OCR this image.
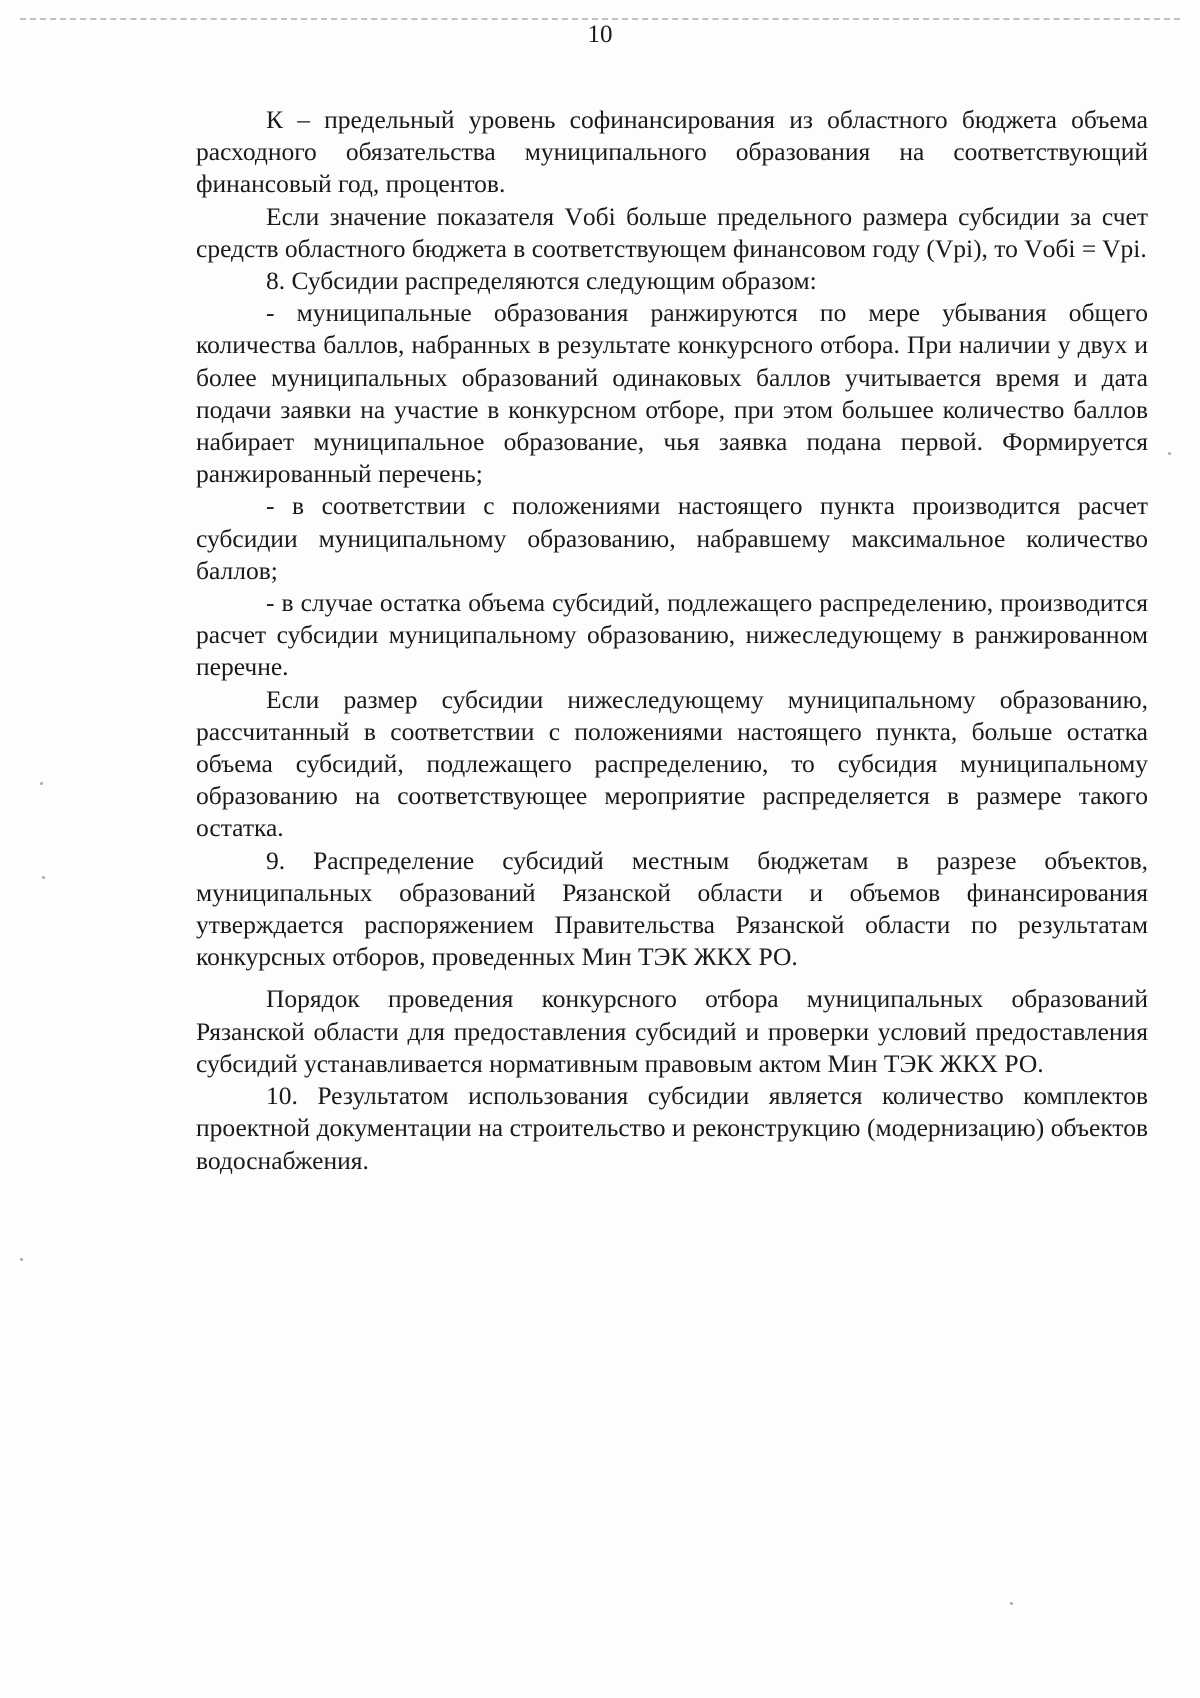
10

К – предельный уровень софинансирования из областного бюджета объема расходного обязательства муниципального образования на соответствующий финансовый год, процентов.

Если значение показателя Vобi больше предельного размера субсидии за счет средств областного бюджета в соответствующем финансовом году (Vpi), то Vобi = Vpi.

8. Субсидии распределяются следующим образом:

- муниципальные образования ранжируются по мере убывания общего количества баллов, набранных в результате конкурсного отбора. При наличии у двух и более муниципальных образований одинаковых баллов учитывается время и дата подачи заявки на участие в конкурсном отборе, при этом большее количество баллов набирает муниципальное образование, чья заявка подана первой. Формируется ранжированный перечень;

- в соответствии с положениями настоящего пункта производится расчет субсидии муниципальному образованию, набравшему максимальное количество баллов;

- в случае остатка объема субсидий, подлежащего распределению, производится расчет субсидии муниципальному образованию, нижеследующему в ранжированном перечне.

Если размер субсидии нижеследующему муниципальному образованию, рассчитанный в соответствии с положениями настоящего пункта, больше остатка объема субсидий, подлежащего распределению, то субсидия муниципальному образованию на соответствующее мероприятие распределяется в размере такого остатка.

9. Распределение субсидий местным бюджетам в разрезе объектов, муниципальных образований Рязанской области и объемов финансирования утверждается распоряжением Правительства Рязанской области по результатам конкурсных отборов, проведенных Мин ТЭК ЖКХ РО.

Порядок проведения конкурсного отбора муниципальных образований Рязанской области для предоставления субсидий и проверки условий предоставления субсидий устанавливается нормативным правовым актом Мин ТЭК ЖКХ РО.

10. Результатом использования субсидии является количество комплектов проектной документации на строительство и реконструкцию (модернизацию) объектов водоснабжения.
